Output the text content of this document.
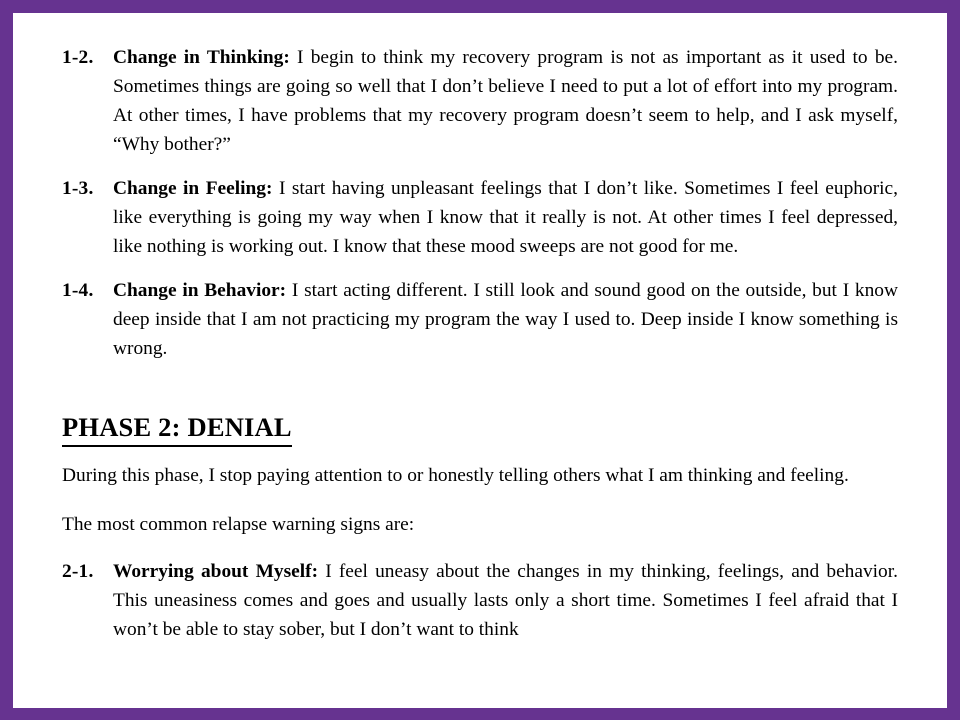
1-2. Change in Thinking: I begin to think my recovery program is not as important as it used to be. Sometimes things are going so well that I don’t believe I need to put a lot of effort into my program. At other times, I have problems that my recovery program doesn’t seem to help, and I ask myself, “Why bother?”
1-3. Change in Feeling: I start having unpleasant feelings that I don’t like. Sometimes I feel euphoric, like everything is going my way when I know that it really is not. At other times I feel depressed, like nothing is working out. I know that these mood sweeps are not good for me.
1-4. Change in Behavior: I start acting different. I still look and sound good on the outside, but I know deep inside that I am not practicing my program the way I used to. Deep inside I know something is wrong.
PHASE 2: DENIAL

During this phase, I stop paying attention to or honestly telling others what I am thinking and feeling.

The most common relapse warning signs are:

2-1. Worrying about Myself: I feel uneasy about the changes in my thinking, feelings, and behavior. This uneasiness comes and goes and usually lasts only a short time. Sometimes I feel afraid that I won’t be able to stay sober, but I don’t want to think
